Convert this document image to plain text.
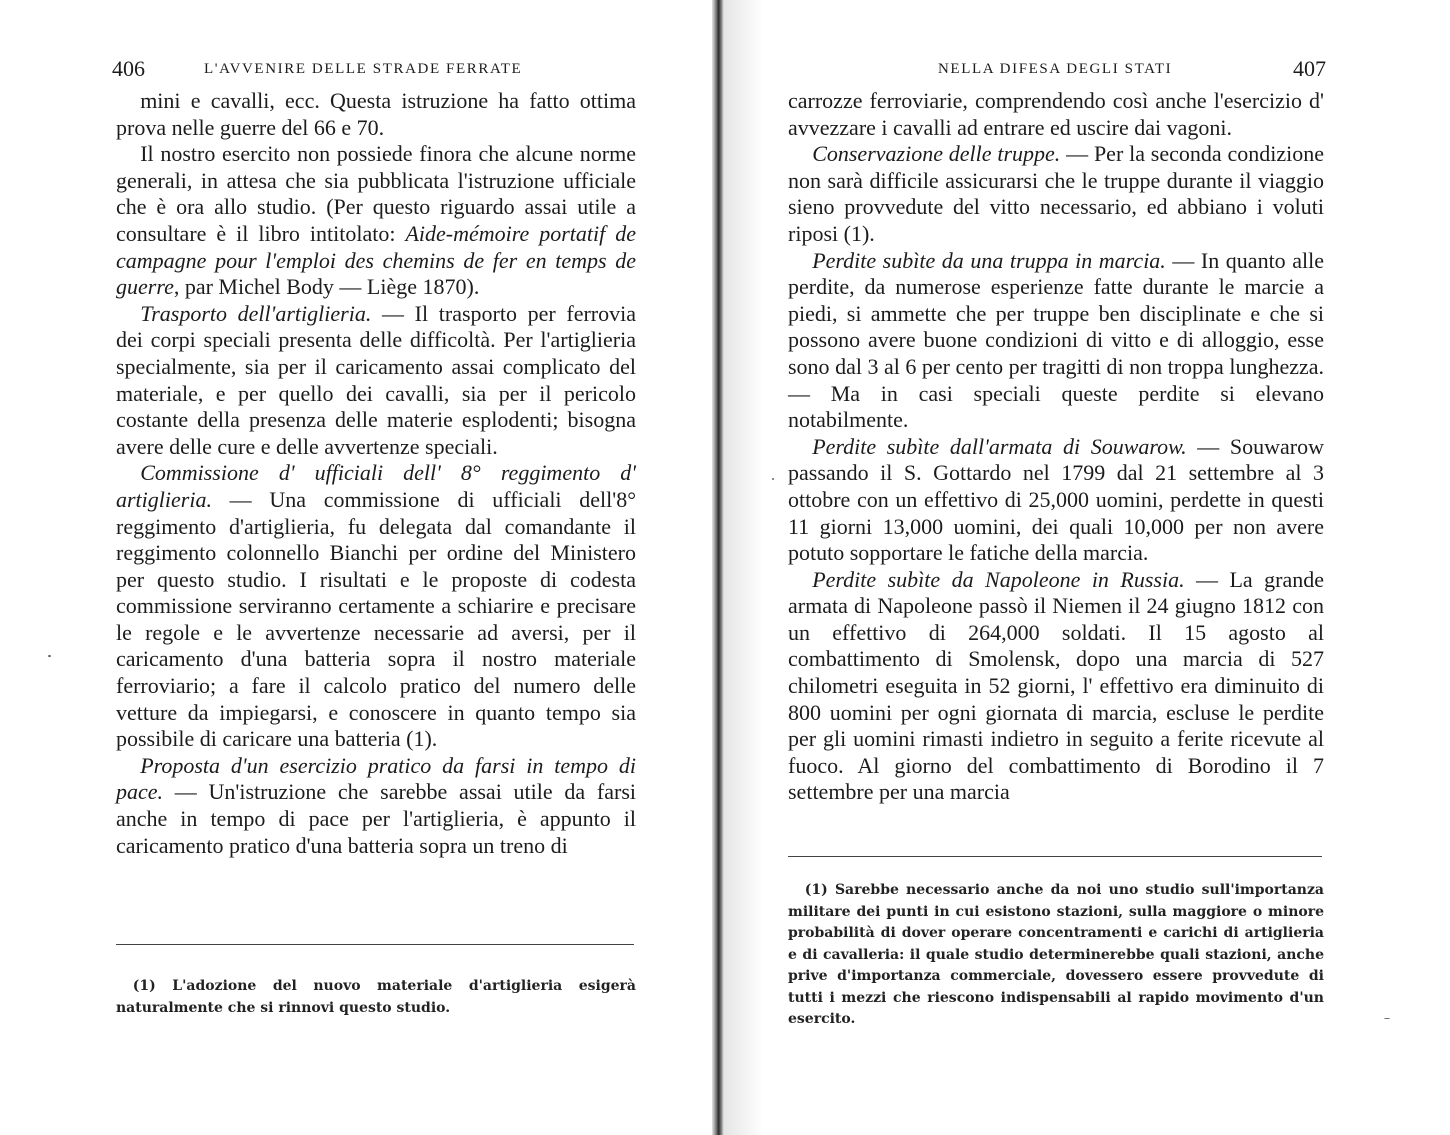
406	L'AVVENIRE DELLE STRADE FERRATE

mini e cavalli, ecc. Questa istruzione ha fatto ottima prova nelle guerre del 66 e 70.

Il nostro esercito non possiede finora che alcune norme generali, in attesa che sia pubblicata l'istruzione ufficiale che è ora allo studio. (Per questo riguardo assai utile a consultare è il libro intitolato: Aide-mémoire portatif de campagne pour l'emploi des chemins de fer en temps de guerre, par Michel Body — Liège 1870).

Trasporto dell'artiglieria. — Il trasporto per ferrovia dei corpi speciali presenta delle difficoltà. Per l'artiglieria specialmente, sia per il caricamento assai complicato del materiale, e per quello dei cavalli, sia per il pericolo costante della presenza delle materie esplodenti; bisogna avere delle cure e delle avvertenze speciali.

Commissione d' ufficiali dell' 8° reggimento d' artiglieria. — Una commissione di ufficiali dell'8° reggimento d'artiglieria, fu delegata dal comandante il reggimento colonnello Bianchi per ordine del Ministero per questo studio. I risultati e le proposte di codesta commissione serviranno certamente a schiarire e precisare le regole e le avvertenze necessarie ad aversi, per il caricamento d'una batteria sopra il nostro materiale ferroviario; a fare il calcolo pratico del numero delle vetture da impiegarsi, e conoscere in quanto tempo sia possibile di caricare una batteria (1).

Proposta d'un esercizio pratico da farsi in tempo di pace. — Un'istruzione che sarebbe assai utile da farsi anche in tempo di pace per l'artiglieria, è appunto il caricamento pratico d'una batteria sopra un treno di

(1) L'adozione del nuovo materiale d'artiglieria esigerà naturalmente che si rinnovi questo studio.

NELLA DIFESA DEGLI STATI	407

carrozze ferroviarie, comprendendo così anche l'esercizio d' avvezzare i cavalli ad entrare ed uscire dai vagoni.

Conservazione delle truppe. — Per la seconda condizione non sarà difficile assicurarsi che le truppe durante il viaggio sieno provvedute del vitto necessario, ed abbiano i voluti riposi (1).

Perdite subìte da una truppa in marcia. — In quanto alle perdite, da numerose esperienze fatte durante le marcie a piedi, si ammette che per truppe ben disciplinate e che si possono avere buone condizioni di vitto e di alloggio, esse sono dal 3 al 6 per cento per tragitti di non troppa lunghezza. — Ma in casi speciali queste perdite si elevano notabilmente.

Perdite subìte dall'armata di Souwarow. — Souwarow passando il S. Gottardo nel 1799 dal 21 settembre al 3 ottobre con un effettivo di 25,000 uomini, perdette in questi 11 giorni 13,000 uomini, dei quali 10,000 per non avere potuto sopportare le fatiche della marcia.

Perdite subìte da Napoleone in Russia. — La grande armata di Napoleone passò il Niemen il 24 giugno 1812 con un effettivo di 264,000 soldati. Il 15 agosto al combattimento di Smolensk, dopo una marcia di 527 chilometri eseguita in 52 giorni, l' effettivo era diminuito di 800 uomini per ogni giornata di marcia, escluse le perdite per gli uomini rimasti indietro in seguito a ferite ricevute al fuoco. Al giorno del combattimento di Borodino il 7 settembre per una marcia

(1) Sarebbe necessario anche da noi uno studio sull'importanza militare dei punti in cui esistono stazioni, sulla maggiore o minore probabilità di dover operare concentramenti e carichi di artiglieria e di cavalleria: il quale studio determinerebbe quali stazioni, anche prive d'importanza commerciale, dovessero essere provvedute di tutti i mezzi che riescono indispensabili al rapido movimento d'un esercito.
